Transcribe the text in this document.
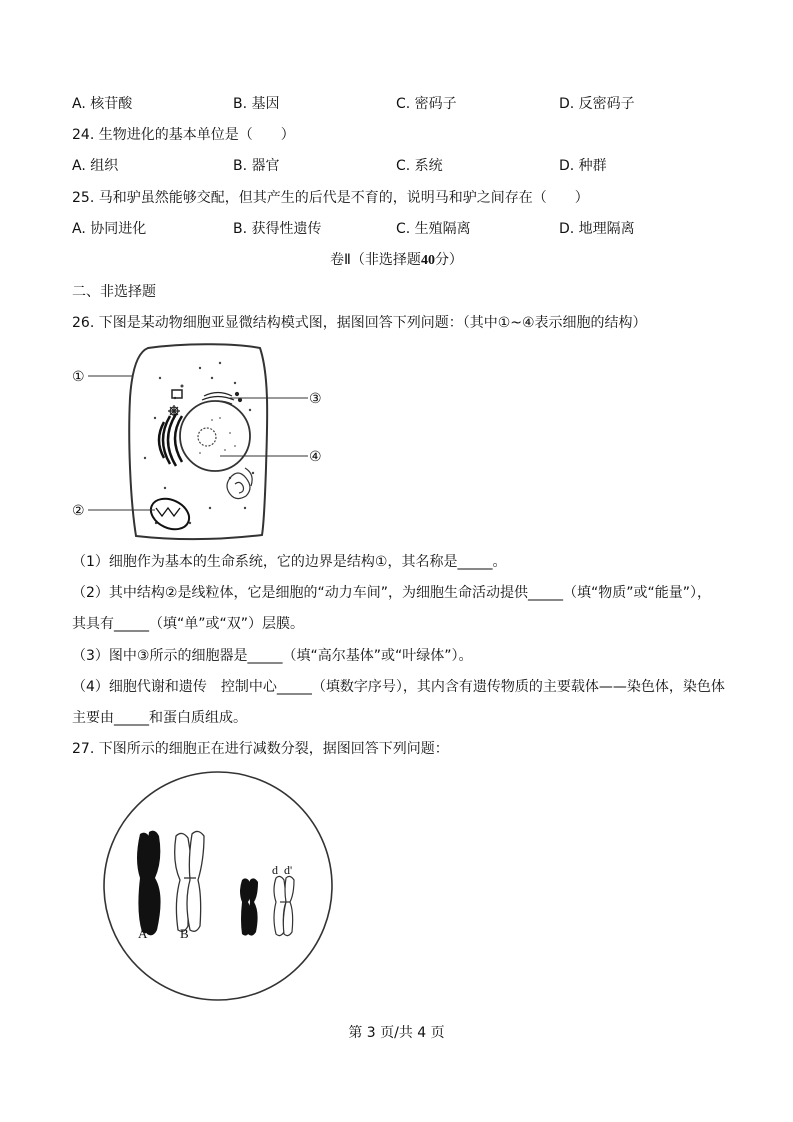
A. 核苷酸	B. 基因	C. 密码子	D. 反密码子
24. 生物进化的基本单位是（　　）
A. 组织	B. 器官	C. 系统	D. 种群
25. 马和驴虽然能够交配，但其产生的后代是不育的，说明马和驴之间存在（　　）
A. 协同进化	B. 获得性遗传	C. 生殖隔离	D. 地理隔离
卷Ⅱ（非选择题40分）
二、非选择题
26. 下图是某动物细胞亚显微结构模式图，据图回答下列问题：（其中①~④表示细胞的结构）
①
②
③
④
（1）细胞作为基本的生命系统，它的边界是结构①，其名称是_____。
（2）其中结构②是线粒体，它是细胞的“动力车间”，为细胞生命活动提供_____（填“物质”或“能量”），
其具有_____（填“单”或“双”）层膜。
（3）图中③所示的细胞器是_____（填“高尔基体”或“叶绿体”）。
（4）细胞代谢和遗传　控制中心_____（填数字序号），其内含有遗传物质的主要载体——染色体，染色体
主要由_____和蛋白质组成。
27. 下图所示的细胞正在进行减数分裂，据图回答下列问题：
A	B
d d'
第 3 页/共 4 页
